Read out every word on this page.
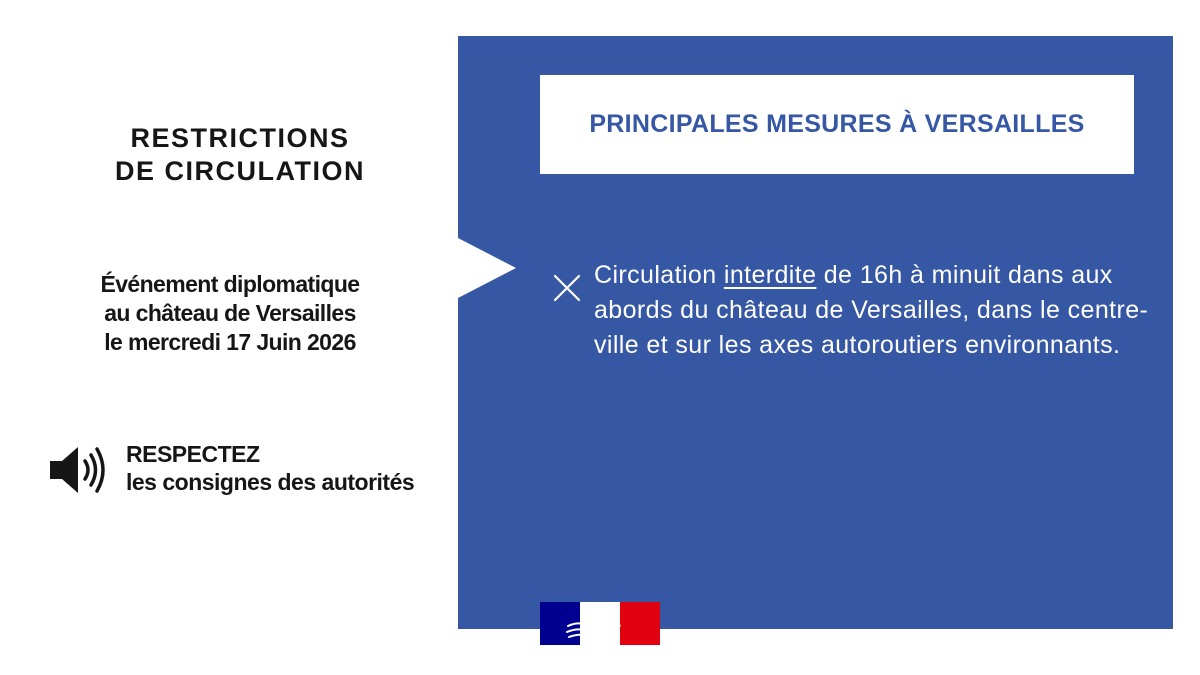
RESTRICTIONS
DE CIRCULATION
Événement diplomatique
au château de Versailles
le mercredi 17 Juin 2026
RESPECTEZ
les consignes des autorités
PRINCIPALES MESURES À VERSAILLES
Circulation interdite de 16h à minuit dans aux abords du château de Versailles, dans le centre-ville et sur les axes autoroutiers environnants.
